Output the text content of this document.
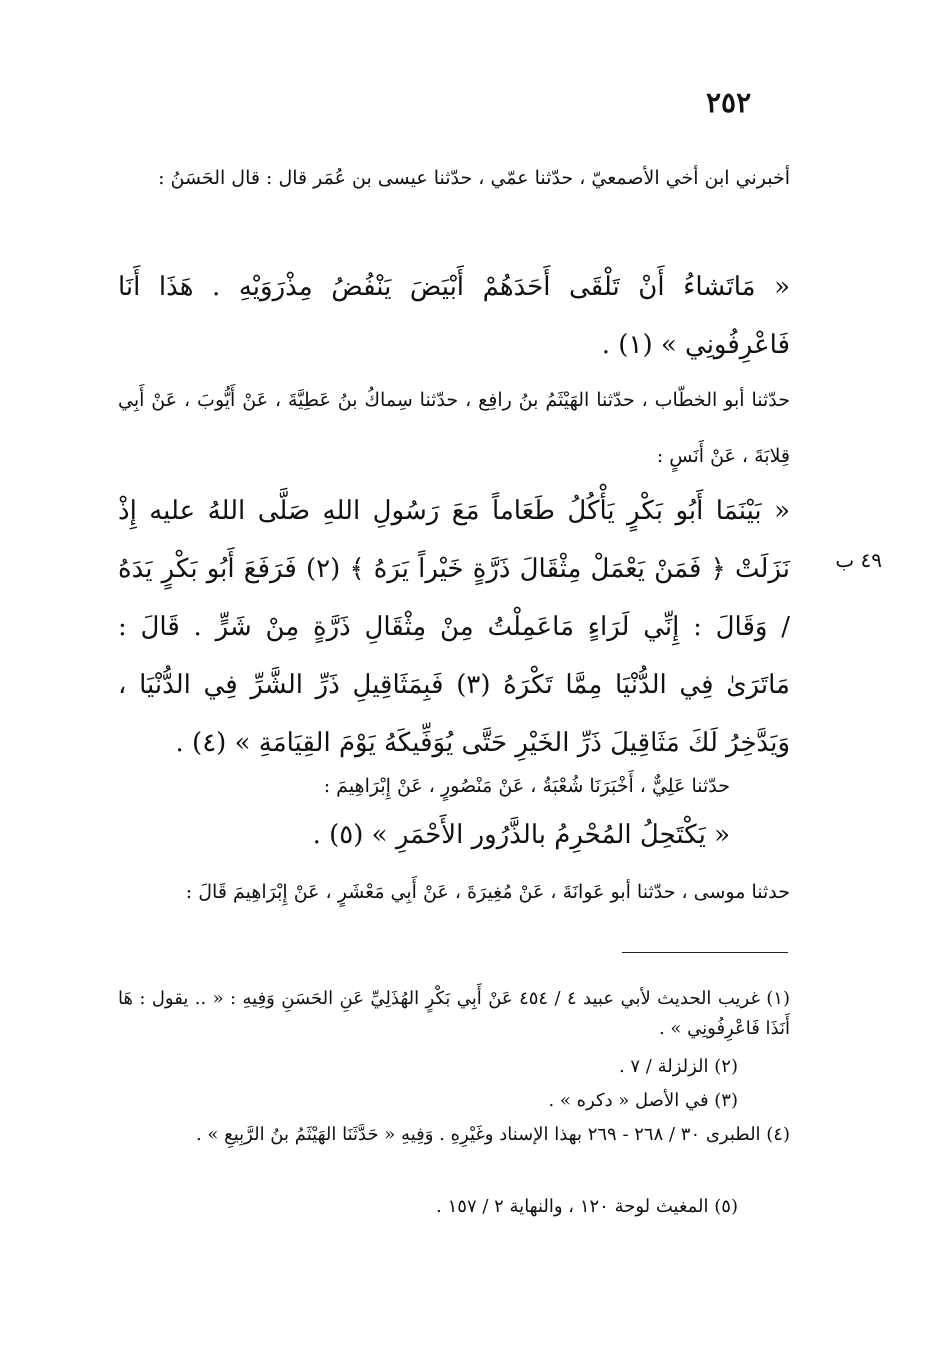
٢٥٢
أخبرني ابن أخي الأصمعيّ ، حدّثنا عمّي ، حدّثنا عيسى بن عُمَر قال : قال الحَسَنُ :
« مَاتَشاءُ أَنْ تَلْقَى أَحَدَهُمْ أَبْيَضَ يَنْفُضُ مِذْرَوَيْهِ . هَذَا أَنَا فَاعْرِفُونِي » (١) .
حدّثنا أبو الخطّاب ، حدّثنا الهَيْثَمُ بنُ رافِع ، حدّثنا سِماكُ بنُ عَطِيَّةَ ، عَنْ أَيُّوبَ ، عَنْ أَبِي قِلابَةَ ، عَنْ أَنَسٍ :
٤٩ ب
« بَيْنَمَا أَبُو بَكْرٍ يَأْكُلُ طَعَاماً مَعَ رَسُولِ اللهِ صَلَّى اللهُ عليه إِذْ نَزَلَتْ ﴿ فَمَنْ يَعْمَلْ مِثْقَالَ ذَرَّةٍ خَيْراً يَرَهُ ﴾ (٢) فَرَفَعَ أَبُو بَكْرٍ يَدَهُ / وَقَالَ : إِنِّي لَرَاءٍ مَاعَمِلْتُ مِنْ مِثْقَالِ ذَرَّةٍ مِنْ شَرٍّ . قَالَ : مَاتَرَىٰ فِي الدُّنْيَا مِمَّا تَكْرَهُ (٣) فَبِمَثَاقِيلِ ذَرِّ الشَّرِّ فِي الدُّنْيَا ، وَيَدَّخِرُ لَكَ مَثَاقِيلَ ذَرِّ الخَيْرِ حَتَّى يُوَفِّيكَهُ يَوْمَ القِيَامَةِ » (٤) .
حدّثنا عَلِيٌّ ، أَخْبَرَنَا شُعْبَةُ ، عَنْ مَنْصُورٍ ، عَنْ إِبْرَاهِيمَ :
« يَكْتَحِلُ المُحْرِمُ بالذَّرُور الأَحْمَرِ » (٥) .
حدثنا موسى ، حدّثنا أبو عَوانَةَ ، عَنْ مُغِيرَةَ ، عَنْ أَبِي مَعْشَرٍ ، عَنْ إِبْرَاهِيمَ قَالَ :
(١) غريب الحديث لأبي عبيد ٤ / ٤٥٤ عَنْ أَبِي بَكْرٍ الهُذَلِيِّ عَنِ الحَسَنِ وَفِيهِ : « .. يقول : هَا أَنَذَا فَاعْرِفُونِي » .
(٢) الزلزلة / ٧ .
(٣) في الأصل « دكره » .
(٤) الطبرى ٣٠ / ٢٦٨ - ٢٦٩ بهذا الإسناد وغَيْرِهِ . وَفِيهِ « حَدَّثَنَا الهَيْثَمُ بنُ الرَّبِيعِ » .
(٥) المغيث لوحة ١٢٠ ، والنهاية ٢ / ١٥٧ .
